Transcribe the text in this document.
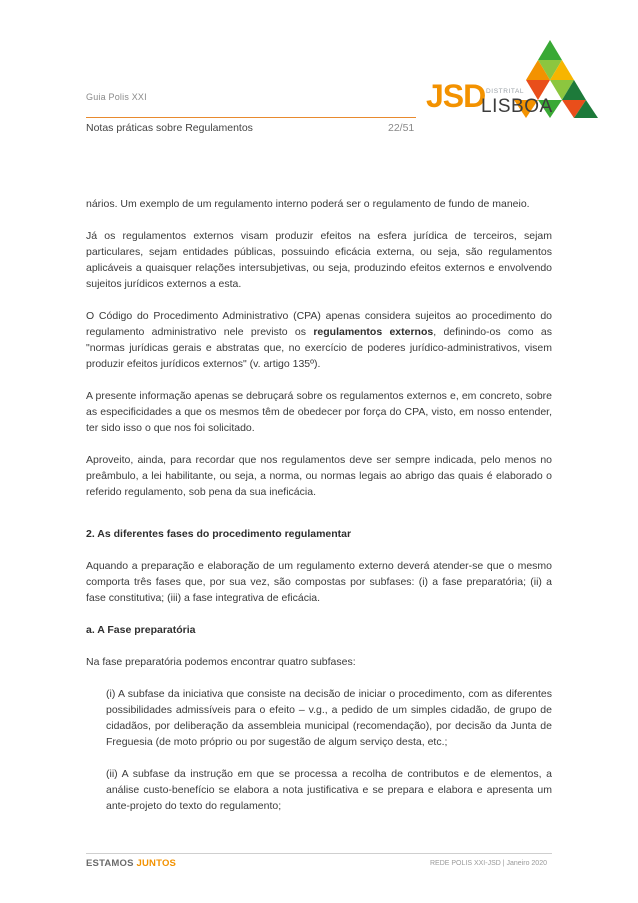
Guia Polis XXI
Notas práticas sobre Regulamentos	22/51
JSD DISTRITAL
LISBOA

nários. Um exemplo de um regulamento interno poderá ser o regulamento de fundo de maneio.

Já os regulamentos externos visam produzir efeitos na esfera jurídica de terceiros, sejam particulares, sejam entidades públicas, possuindo eficácia externa, ou seja, são regulamentos aplicáveis a quaisquer relações intersubjetivas, ou seja, produzindo efeitos externos e envolvendo sujeitos jurídicos externos a esta.

O Código do Procedimento Administrativo (CPA) apenas considera sujeitos ao procedimento do regulamento administrativo nele previsto os regulamentos externos, definindo-os como as "normas jurídicas gerais e abstratas que, no exercício de poderes jurídico-administrativos, visem produzir efeitos jurídicos externos" (v. artigo 135º).

A presente informação apenas se debruçará sobre os regulamentos externos e, em concreto, sobre as especificidades a que os mesmos têm de obedecer por força do CPA, visto, em nosso entender, ter sido isso o que nos foi solicitado.

Aproveito, ainda, para recordar que nos regulamentos deve ser sempre indicada, pelo menos no preâmbulo, a lei habilitante, ou seja, a norma, ou normas legais ao abrigo das quais é elaborado o referido regulamento, sob pena da sua ineficácia.

2. As diferentes fases do procedimento regulamentar

Aquando a preparação e elaboração de um regulamento externo deverá atender-se que o mesmo comporta três fases que, por sua vez, são compostas por subfases: (i) a fase preparatória; (ii) a fase constitutiva; (iii) a fase integrativa de eficácia.

a. A Fase preparatória

Na fase preparatória podemos encontrar quatro subfases:

(i) A subfase da iniciativa que consiste na decisão de iniciar o procedimento, com as diferentes possibilidades admissíveis para o efeito – v.g., a pedido de um simples cidadão, de grupo de cidadãos, por deliberação da assembleia municipal (recomendação), por decisão da Junta de Freguesia (de moto próprio ou por sugestão de algum serviço desta, etc.;

(ii) A subfase da instrução em que se processa a recolha de contributos e de elementos, a análise custo-benefício se elabora a nota justificativa e se prepara e elabora e apresenta um ante-projeto do texto do regulamento;

ESTAMOS JUNTOS	REDE POLIS XXI-JSD | Janeiro 2020
